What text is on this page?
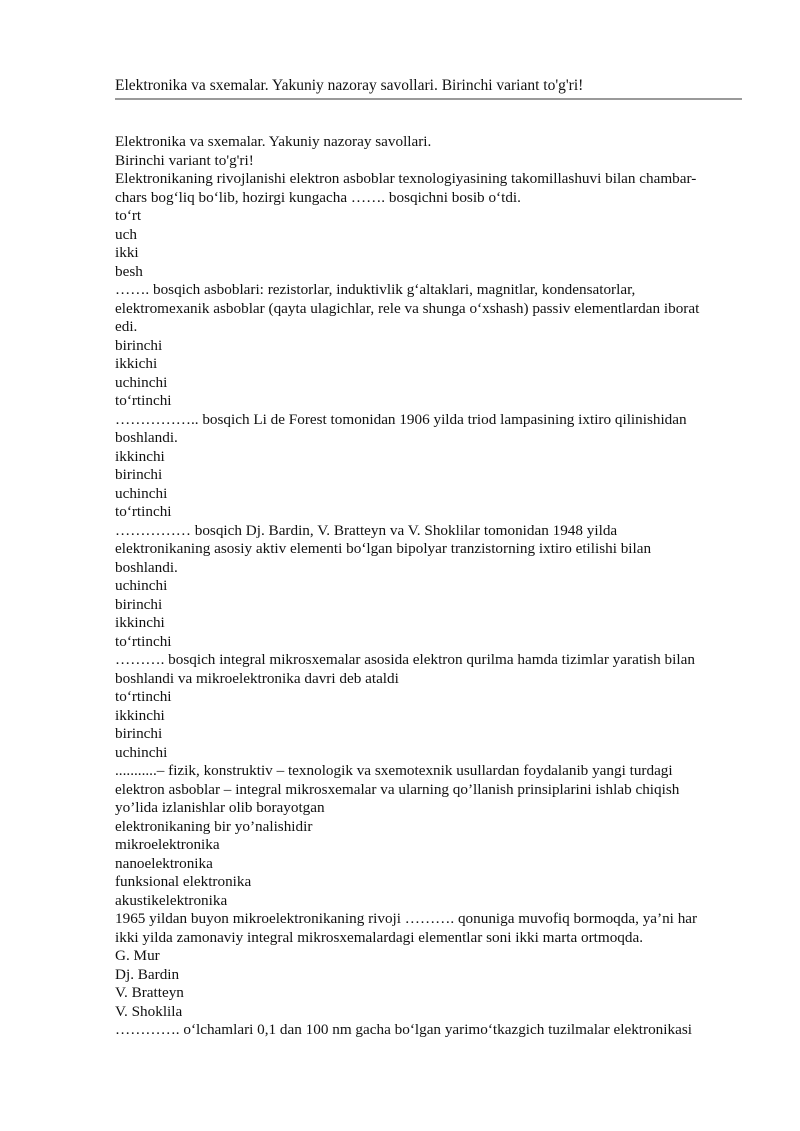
Elektronika va sxemalar. Yakuniy nazoray savollari. Birinchi variant to'g'ri!

Elektronika va sxemalar. Yakuniy nazoray savollari.

Birinchi variant to'g'ri!

Elektronikaning rivojlanishi elektron asboblar texnologiyasining takomillashuvi bilan chambar-

chars bog‘liq bo‘lib, hozirgi kungacha ……. bosqichni bosib o‘tdi.

to‘rt

uch

ikki

besh

……. bosqich asboblari: rezistorlar, induktivlik g‘altaklari, magnitlar, kondensatorlar,

elektromexanik asboblar (qayta ulagichlar, rele va shunga o‘xshash) passiv elementlardan iborat

edi.

birinchi

ikkichi

uchinchi

to‘rtinchi

…………….. bosqich Li de Forest tomonidan 1906 yilda triod lampasining ixtiro qilinishidan

boshlandi.

ikkinchi

birinchi

uchinchi

to‘rtinchi

…………… bosqich Dj. Bardin, V. Bratteyn va V. Shoklilar tomonidan 1948 yilda

elektronikaning asosiy aktiv elementi bo‘lgan bipolyar tranzistorning ixtiro etilishi bilan

boshlandi.

uchinchi

birinchi

ikkinchi

to‘rtinchi

………. bosqich integral mikrosxemalar asosida elektron qurilma hamda tizimlar yaratish bilan

boshlandi va mikroelektronika davri deb ataldi

to‘rtinchi

ikkinchi

birinchi

uchinchi

...........– fizik, konstruktiv – texnologik va sxemotexnik usullardan foydalanib yangi turdagi

elektron asboblar – integral mikrosxemalar va ularning qo’llanish prinsiplarini ishlab chiqish

yo’lida izlanishlar olib borayotgan

elektronikaning bir yo’nalishidir

mikroelektronika

nanoelektronika

funksional elektronika

akustikelektronika

1965 yildan buyon mikroelektronikaning rivoji ………. qonuniga muvofiq bormoqda, ya’ni har

ikki yilda zamonaviy integral mikrosxemalardagi elementlar soni ikki marta ortmoqda.

G. Mur

Dj. Bardin

V. Bratteyn

V. Shoklila

…………. o‘lchamlari 0,1 dan 100 nm gacha bo‘lgan yarimo‘tkazgich tuzilmalar elektronikasi
